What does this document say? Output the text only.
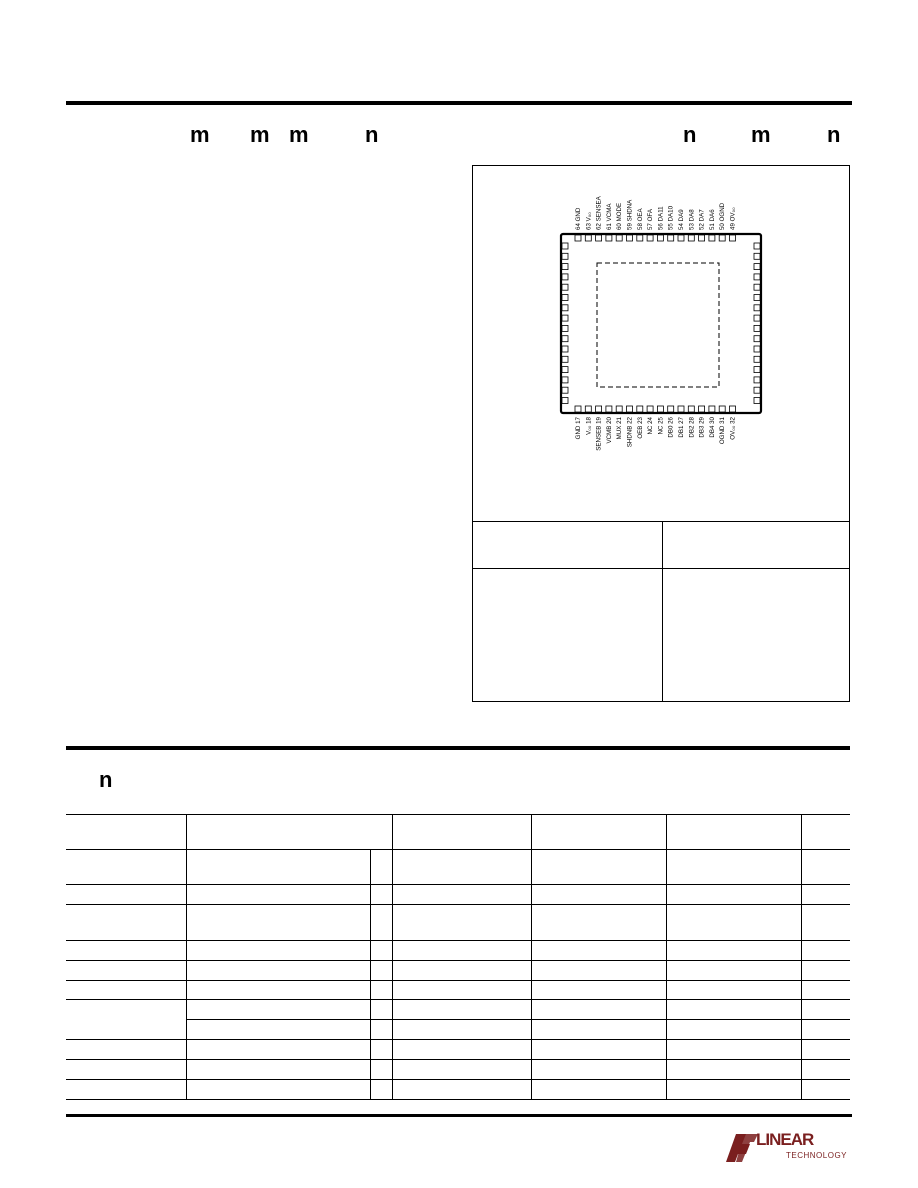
m m m	n	n m	n
64 GND 63 V₀₀ 62 SENSEA 61 VCMA 60 MODE 59 SHDNA 58 OEA 57 OFA 56 DA11 55 DA10 54 DA9 53 DA8 52 DA7 51 DA6 50 OGND 49 OV₀₀
GND 17 V₀₀ 18 SENSEB 19 VCMB 20 MUX 21 SHDNB 22 OEB 23 NC 24 NC 25 DB0 26 DB1 27 DB2 28 DB3 29 DB4 30 OGND 31 OV₀₀ 32
n
LINEAR
TECHNOLOGY
